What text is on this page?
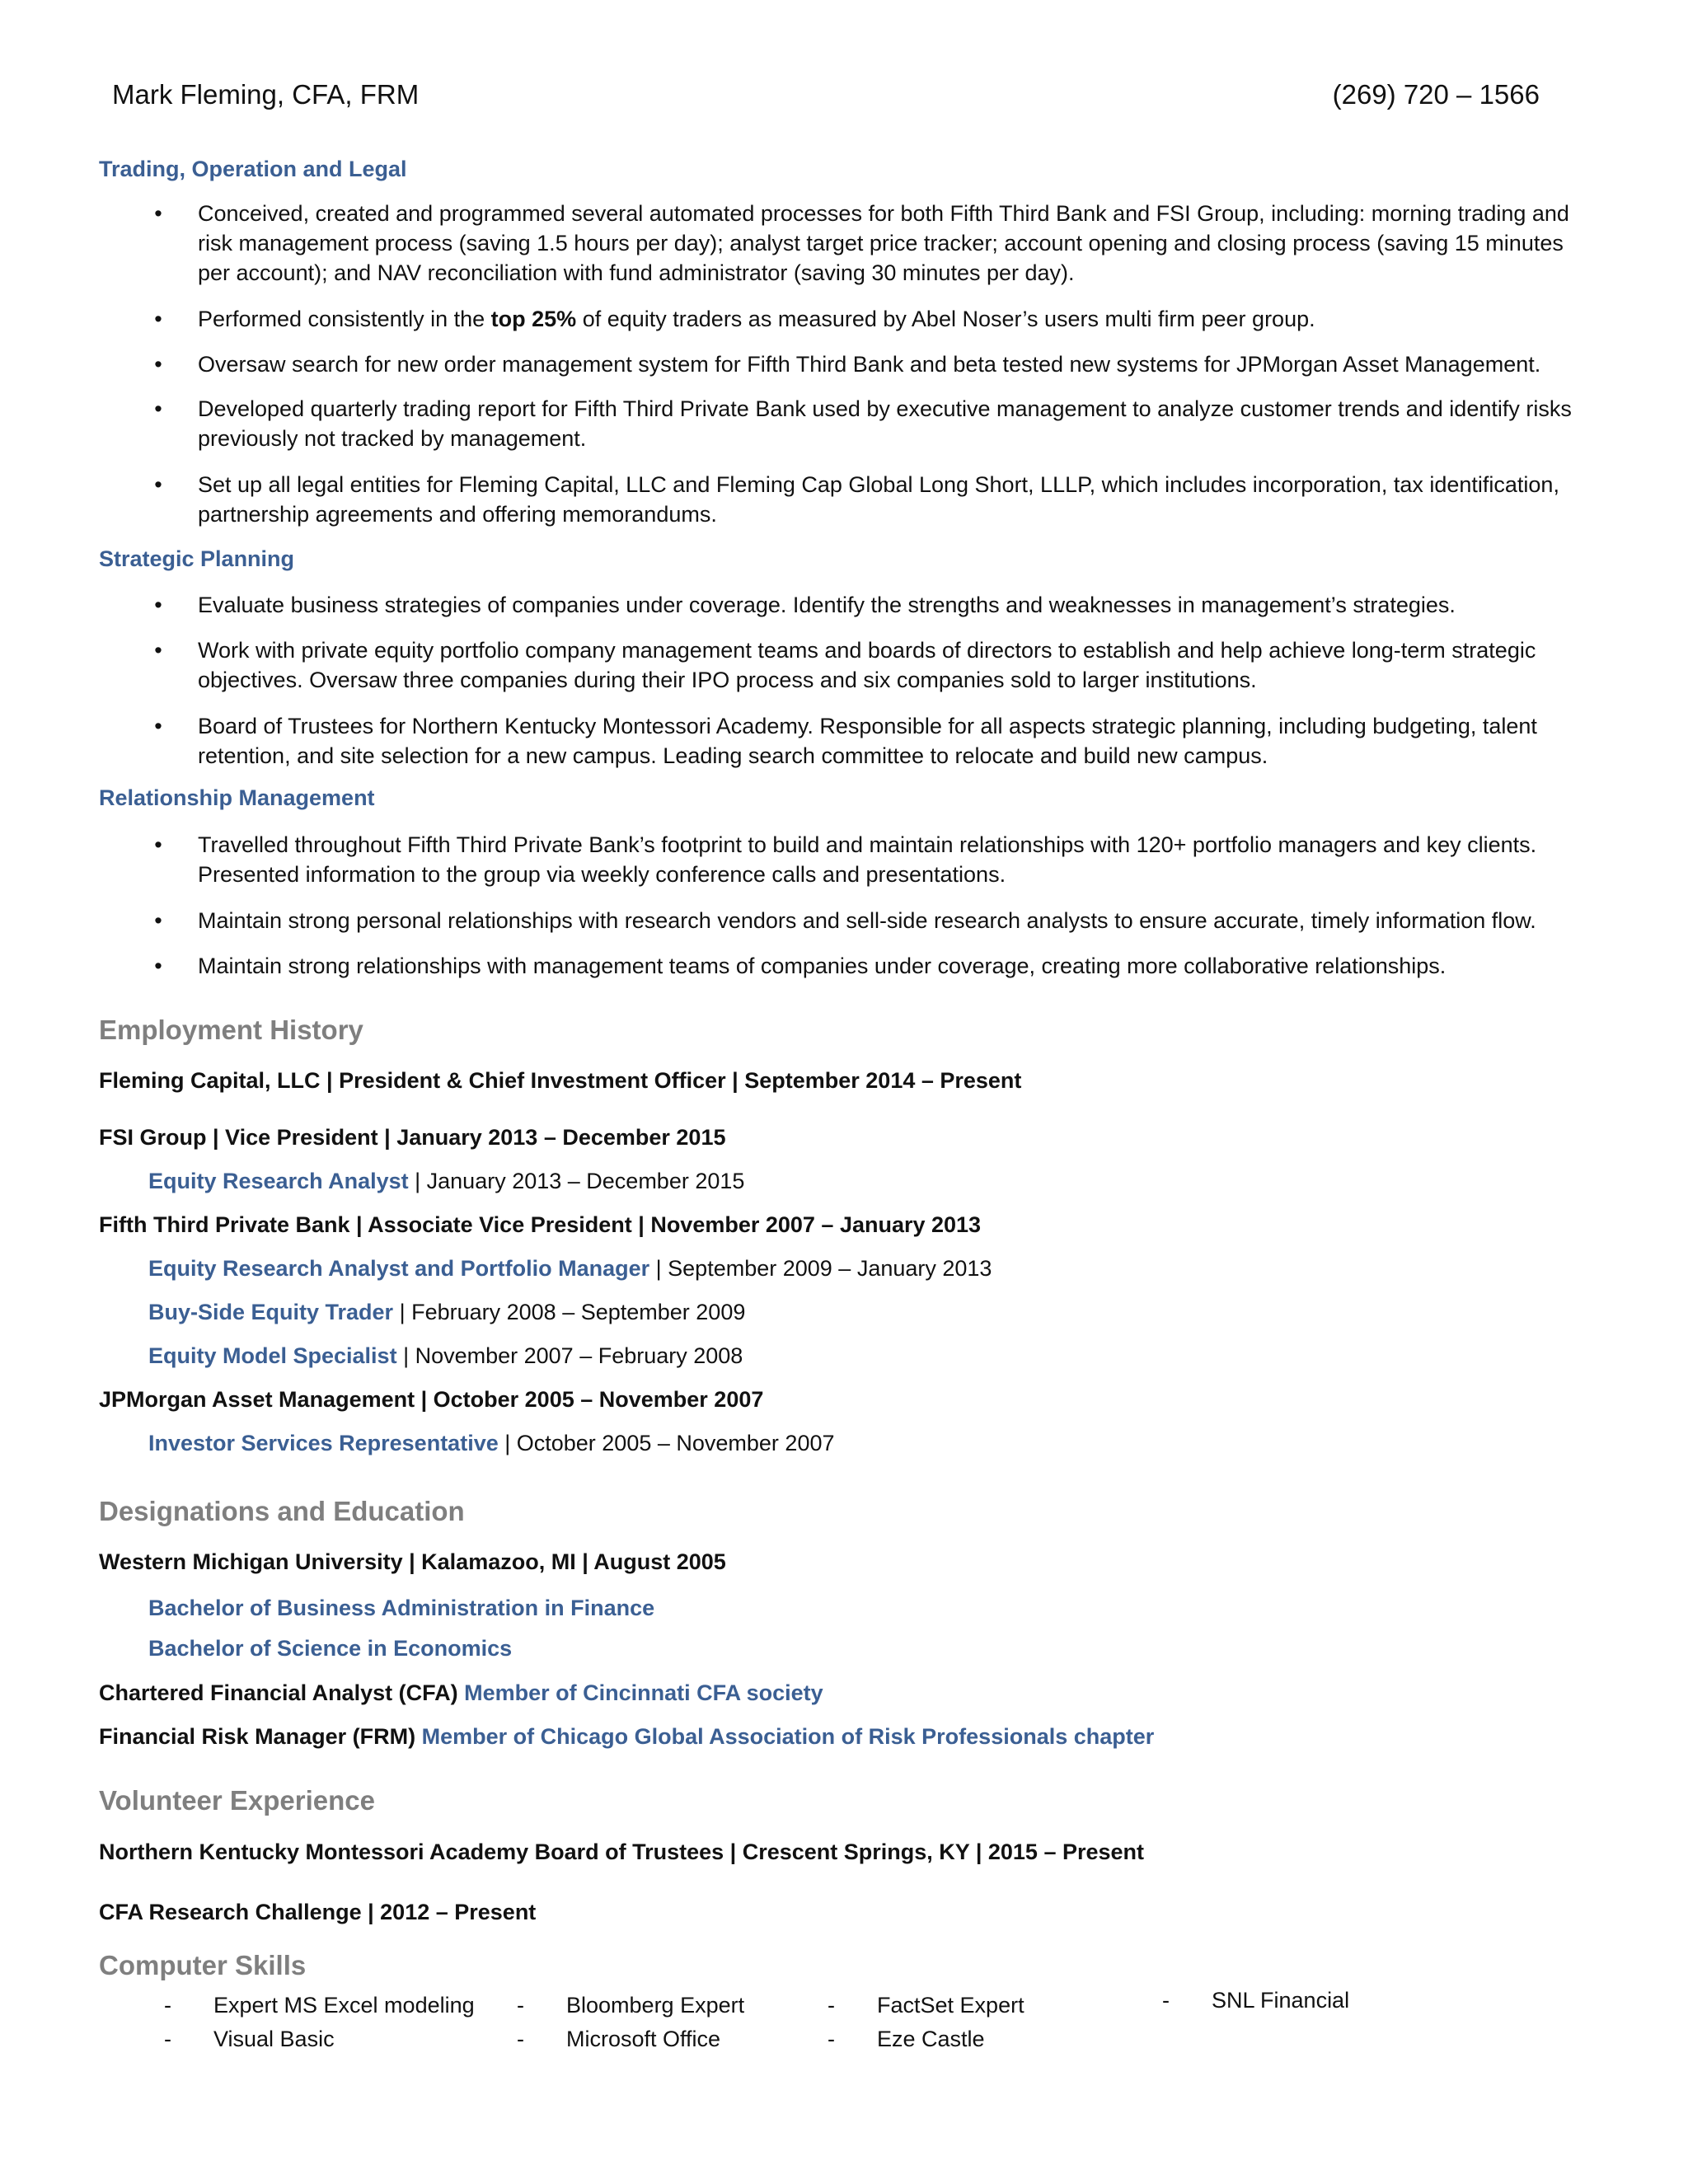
Mark Fleming, CFA, FRM	(269) 720 – 1566
Trading, Operation and Legal
• Conceived, created and programmed several automated processes for both Fifth Third Bank and FSI Group, including: morning trading and risk management process (saving 1.5 hours per day); analyst target price tracker; account opening and closing process (saving 15 minutes per account); and NAV reconciliation with fund administrator (saving 30 minutes per day).
• Performed consistently in the top 25% of equity traders as measured by Abel Noser’s users multi firm peer group.
• Oversaw search for new order management system for Fifth Third Bank and beta tested new systems for JPMorgan Asset Management.
• Developed quarterly trading report for Fifth Third Private Bank used by executive management to analyze customer trends and identify risks previously not tracked by management.
• Set up all legal entities for Fleming Capital, LLC and Fleming Cap Global Long Short, LLLP, which includes incorporation, tax identification, partnership agreements and offering memorandums.
Strategic Planning
• Evaluate business strategies of companies under coverage. Identify the strengths and weaknesses in management’s strategies.
• Work with private equity portfolio company management teams and boards of directors to establish and help achieve long-term strategic objectives. Oversaw three companies during their IPO process and six companies sold to larger institutions.
• Board of Trustees for Northern Kentucky Montessori Academy. Responsible for all aspects strategic planning, including budgeting, talent retention, and site selection for a new campus. Leading search committee to relocate and build new campus.
Relationship Management
• Travelled throughout Fifth Third Private Bank’s footprint to build and maintain relationships with 120+ portfolio managers and key clients. Presented information to the group via weekly conference calls and presentations.
• Maintain strong personal relationships with research vendors and sell-side research analysts to ensure accurate, timely information flow.
• Maintain strong relationships with management teams of companies under coverage, creating more collaborative relationships.
Employment History
Fleming Capital, LLC | President & Chief Investment Officer | September 2014 – Present
FSI Group | Vice President | January 2013 – December 2015
Equity Research Analyst | January 2013 – December 2015
Fifth Third Private Bank | Associate Vice President | November 2007 – January 2013
Equity Research Analyst and Portfolio Manager | September 2009 – January 2013
Buy-Side Equity Trader | February 2008 – September 2009
Equity Model Specialist | November 2007 – February 2008
JPMorgan Asset Management | October 2005 – November 2007
Investor Services Representative | October 2005 – November 2007
Designations and Education
Western Michigan University | Kalamazoo, MI | August 2005
Bachelor of Business Administration in Finance
Bachelor of Science in Economics
Chartered Financial Analyst (CFA) Member of Cincinnati CFA society
Financial Risk Manager (FRM) Member of Chicago Global Association of Risk Professionals chapter
Volunteer Experience
Northern Kentucky Montessori Academy Board of Trustees | Crescent Springs, KY | 2015 – Present
CFA Research Challenge | 2012 – Present
Computer Skills
- Expert MS Excel modeling - Bloomberg Expert	- FactSet Expert	- SNL Financial
- Visual Basic	- Microsoft Office	- Eze Castle
